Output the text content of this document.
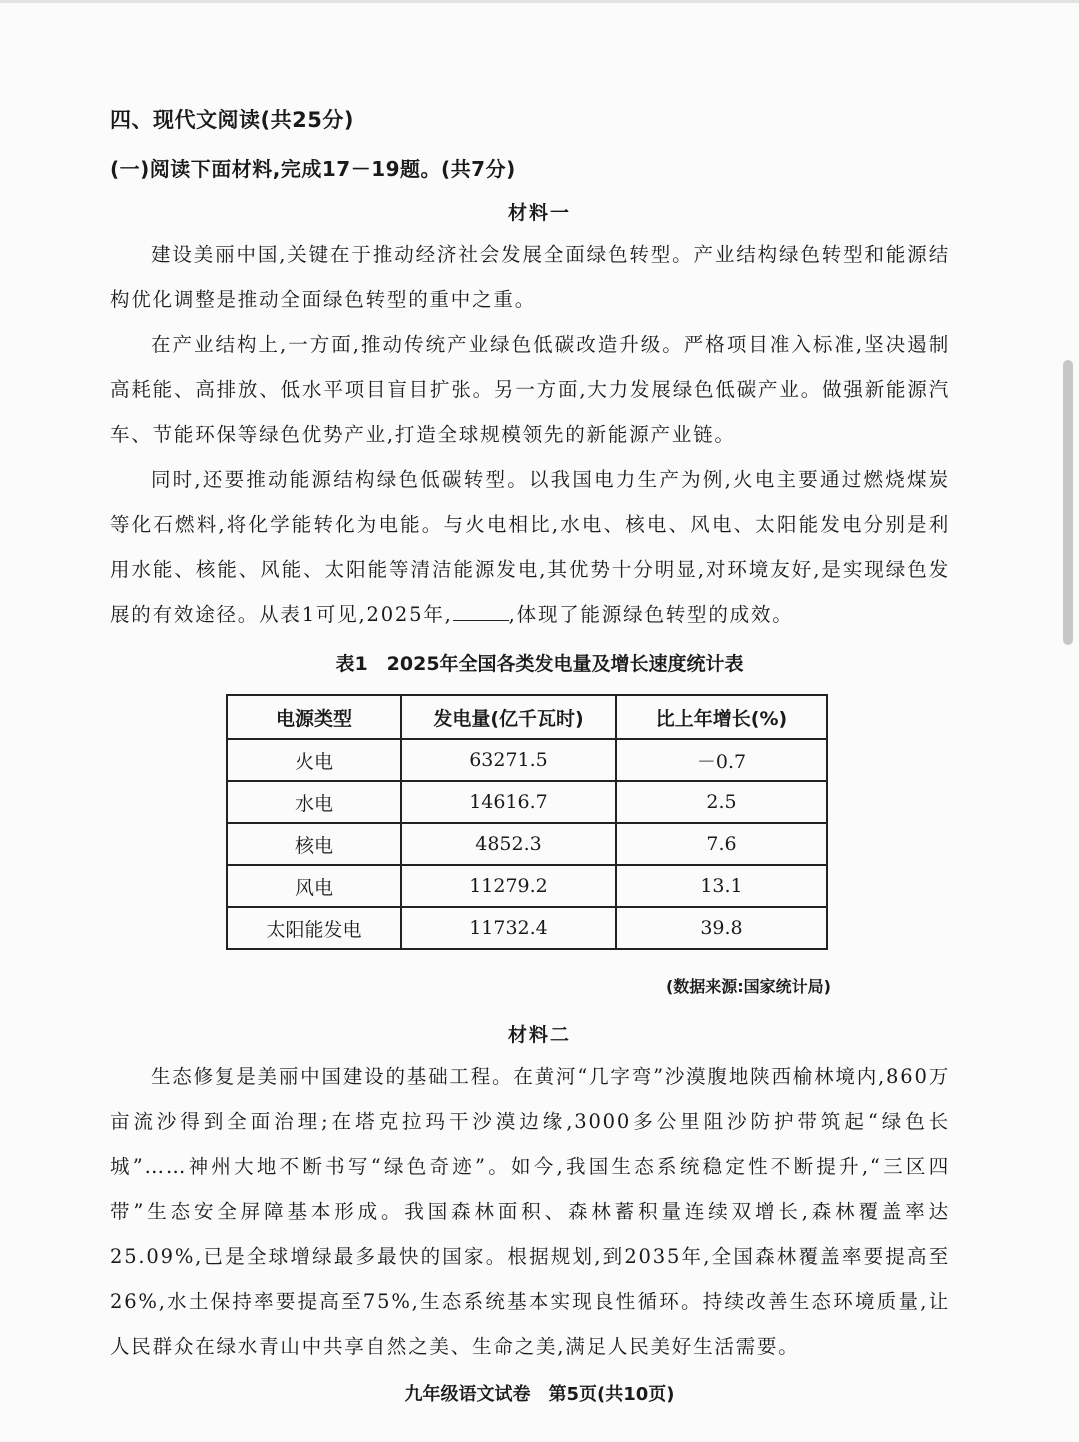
四、现代文阅读(共25分)
(一)阅读下面材料,完成17－19题。(共7分)
材料一

建设美丽中国,关键在于推动经济社会发展全面绿色转型。产业结构绿色转型和能源结构优化调整是推动全面绿色转型的重中之重。

在产业结构上,一方面,推动传统产业绿色低碳改造升级。严格项目准入标准,坚决遏制高耗能、高排放、低水平项目盲目扩张。另一方面,大力发展绿色低碳产业。做强新能源汽车、节能环保等绿色优势产业,打造全球规模领先的新能源产业链。

同时,还要推动能源结构绿色低碳转型。以我国电力生产为例,火电主要通过燃烧煤炭等化石燃料,将化学能转化为电能。与火电相比,水电、核电、风电、太阳能发电分别是利用水能、核能、风能、太阳能等清洁能源发电,其优势十分明显,对环境友好,是实现绿色发展的有效途径。从表1可见,2025年,	,体现了能源绿色转型的成效。

表1　2025年全国各类发电量及增长速度统计表
电源类型	发电量(亿千瓦时)	比上年增长(%)
火电	63271.5	－0.7
水电	14616.7	2.5
核电	4852.3	7.6
风电	11279.2	13.1
太阳能发电	11732.4	39.8
(数据来源:国家统计局)
材料二

生态修复是美丽中国建设的基础工程。在黄河“几字弯”沙漠腹地陕西榆林境内,860万亩流沙得到全面治理;在塔克拉玛干沙漠边缘,3000多公里阻沙防护带筑起“绿色长城”……神州大地不断书写“绿色奇迹”。如今,我国生态系统稳定性不断提升,“三区四带”生态安全屏障基本形成。我国森林面积、森林蓄积量连续双增长,森林覆盖率达25.09%,已是全球增绿最多最快的国家。根据规划,到2035年,全国森林覆盖率要提高至26%,水土保持率要提高至75%,生态系统基本实现良性循环。持续改善生态环境质量,让人民群众在绿水青山中共享自然之美、生命之美,满足人民美好生活需要。

九年级语文试卷　第5页(共10页)
